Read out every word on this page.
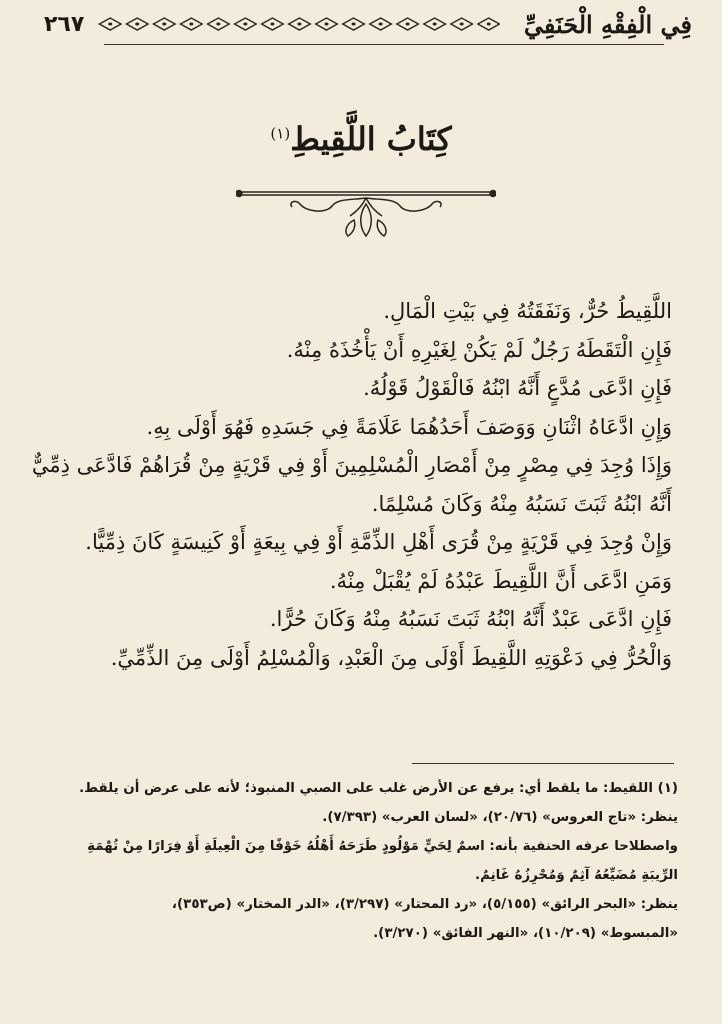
فِي الْفِقْهِ الْحَنَفِيِّ
٢٦٧
كِتَابُ اللَّقِيطِ$^{(١)}$

اللَّقِيطُ حُرٌّ، وَنَفَقَتُهُ فِي بَيْتِ الْمَالِ.

فَإِنِ الْتَقَطَهُ رَجُلٌ لَمْ يَكُنْ لِغَيْرِهِ أَنْ يَأْخُذَهُ مِنْهُ.

فَإِنِ ادَّعَى مُدَّعٍ أَنَّهُ ابْنُهُ فَالْقَوْلُ قَوْلُهُ.

وَإِنِ ادَّعَاهُ اثْنَانِ وَوَصَفَ أَحَدُهُمَا عَلَامَةً فِي جَسَدِهِ فَهُوَ أَوْلَى بِهِ.

وَإِذَا وُجِدَ فِي مِصْرٍ مِنْ أَمْصَارِ الْمُسْلِمِينَ أَوْ فِي قَرْيَةٍ مِنْ قُرَاهُمْ فَادَّعَى ذِمِّيٌّ

أَنَّهُ ابْنُهُ ثَبَتَ نَسَبُهُ مِنْهُ وَكَانَ مُسْلِمًا.

وَإِنْ وُجِدَ فِي قَرْيَةٍ مِنْ قُرَى أَهْلِ الذِّمَّةِ أَوْ فِي بِيعَةٍ أَوْ كَنِيسَةٍ كَانَ ذِمِّيًّا.

وَمَنِ ادَّعَى أَنَّ اللَّقِيطَ عَبْدُهُ لَمْ يُقْبَلْ مِنْهُ.

فَإِنِ ادَّعَى عَبْدٌ أَنَّهُ ابْنُهُ ثَبَتَ نَسَبُهُ مِنْهُ وَكَانَ حُرًّا.

وَالْحُرُّ فِي دَعْوَتِهِ اللَّقِيطَ أَوْلَى مِنَ الْعَبْدِ، وَالْمُسْلِمُ أَوْلَى مِنَ الذِّمِّيِّ.

(١) اللقيط: ما يلقط أي: يرفع عن الأرض غلب على الصبي المنبوذ؛ لأنه على عرض أن يلقط.

ينظر: «تاج العروس» (٢٠/٧٦)، «لسان العرب» (٧/٣٩٣).

واصطلاحا عرفه الحنفية بأنه: اسمٌ لِحَيٍّ مَوْلُودٍ طَرَحَهُ أَهْلُهُ خَوْفًا مِنَ الْعِيلَةِ أَوْ فِرَارًا مِنْ تُهْمَةِ

الرِّيبَةِ مُضَيِّعُهُ آثِمٌ وَمُحْرِزُهُ غَانِمٌ.

ينظر: «البحر الرائق» (٥/١٥٥)، «رد المحتار» (٣/٢٩٧)، «الدر المختار» (ص٣٥٣)،

«المبسوط» (١٠/٢٠٩)، «النهر الفائق» (٣/٢٧٠).
